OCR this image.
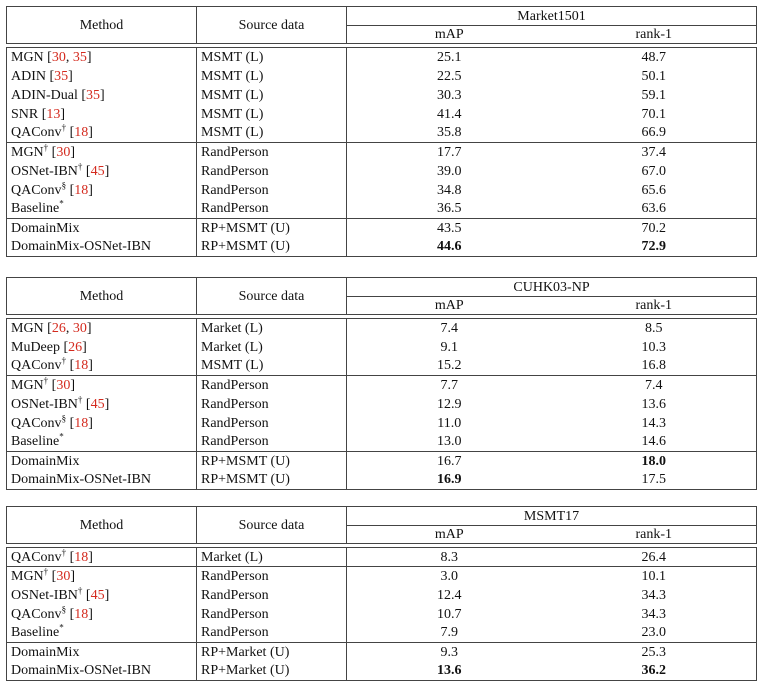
Method	Source data	Market1501	
		mAP	rank-1

MGN [30, 35]	MSMT (L)	25.1	48.7
ADIN [35]	MSMT (L)	22.5	50.1
ADIN-Dual [35]	MSMT (L)	30.3	59.1
SNR [13]	MSMT (L)	41.4	70.1
QAConv† [18]	MSMT (L)	35.8	66.9
MGN† [30]	RandPerson	17.7	37.4
OSNet-IBN† [45]	RandPerson	39.0	67.0
QAConv§ [18]	RandPerson	34.8	65.6
Baseline*	RandPerson	36.5	63.6
DomainMix	RP+MSMT (U)	43.5	70.2
DomainMix-OSNet-IBN	RP+MSMT (U)	44.6	72.9
Method	Source data	CUHK03-NP	
		mAP	rank-1

MGN [26, 30]	Market (L)	7.4	8.5
MuDeep [26]	Market (L)	9.1	10.3
QAConv† [18]	MSMT (L)	15.2	16.8
MGN† [30]	RandPerson	7.7	7.4
OSNet-IBN† [45]	RandPerson	12.9	13.6
QAConv§ [18]	RandPerson	11.0	14.3
Baseline*	RandPerson	13.0	14.6
DomainMix	RP+MSMT (U)	16.7	18.0
DomainMix-OSNet-IBN	RP+MSMT (U)	16.9	17.5
Method	Source data	MSMT17	
		mAP	rank-1

QAConv† [18]	Market (L)	8.3	26.4
MGN† [30]	RandPerson	3.0	10.1
OSNet-IBN† [45]	RandPerson	12.4	34.3
QAConv§ [18]	RandPerson	10.7	34.3
Baseline*	RandPerson	7.9	23.0
DomainMix	RP+Market (U)	9.3	25.3
DomainMix-OSNet-IBN	RP+Market (U)	13.6	36.2
